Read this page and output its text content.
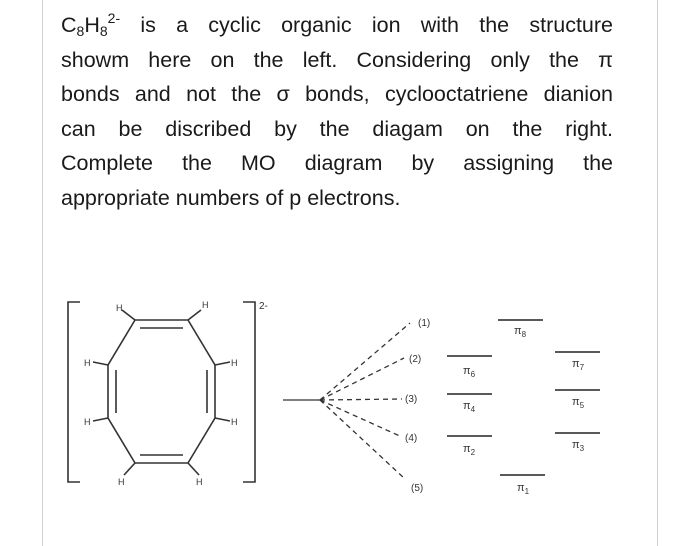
$C_8H_8^{2-}$ is a cyclic organic ion with the structure
showm here on the left. Considering only the π
bonds and not the σ bonds, cyclooctatriene dianion
can be discribed by the diagam on the right.
Complete the MO diagram by assigning the
appropriate numbers of p electrons.

H	H
H
H
H
H
H
H
2-
(1)
(2)
(3)
(4)
(5)
$\pi_8$
$\pi_6$
$\pi_7$
$\pi_4$
$\pi_5$
$\pi_2$
$\pi_3$
$\pi_1$
